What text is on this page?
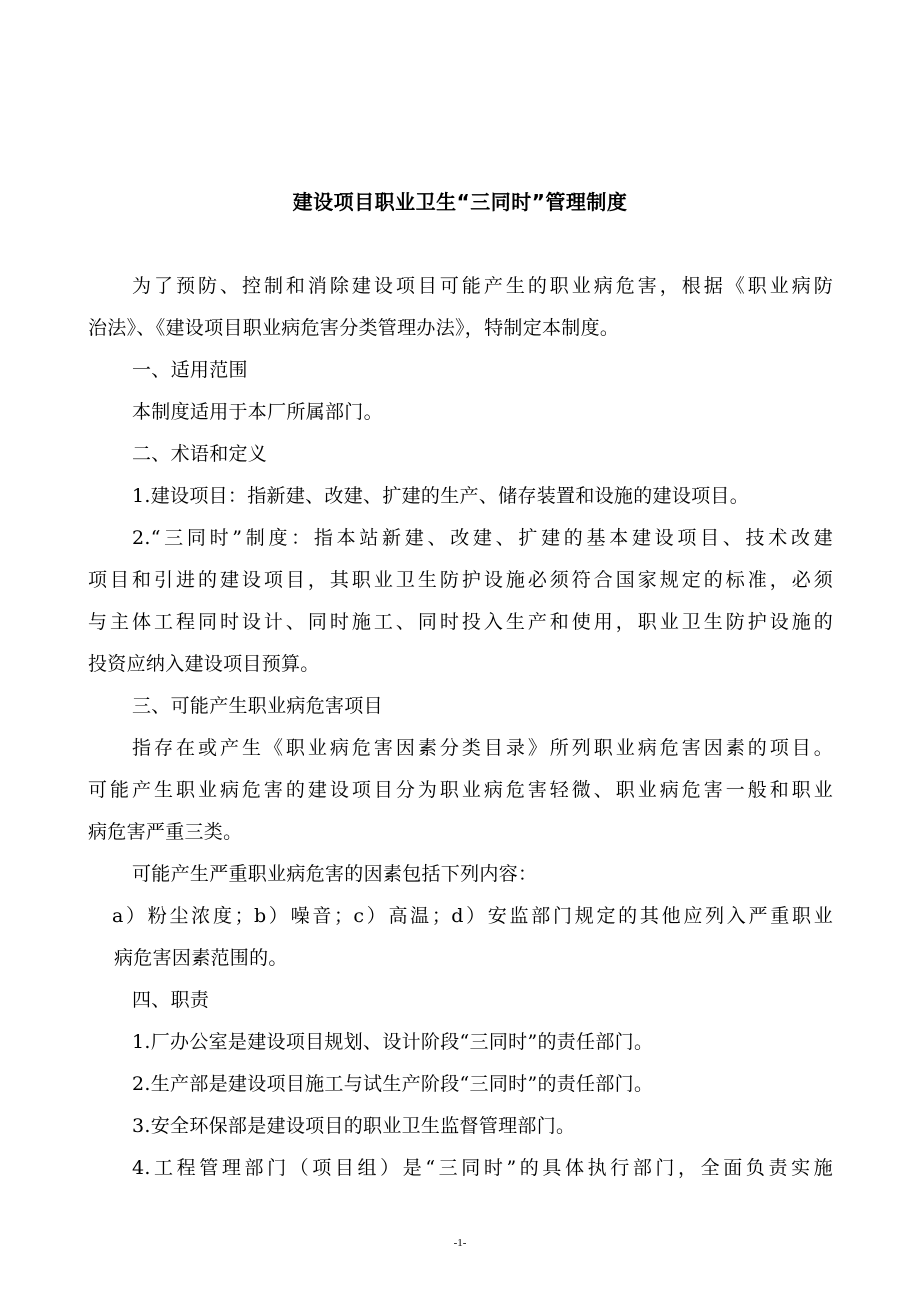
建设项目职业卫生“三同时”管理制度
为了预防、控制和消除建设项目可能产生的职业病危害，根据《职业病防
治法》、《建设项目职业病危害分类管理办法》，特制定本制度。
一、适用范围
本制度适用于本厂所属部门。
二、术语和定义
1.建设项目：指新建、改建、扩建的生产、储存装置和设施的建设项目。
2.“三同时”制度：指本站新建、改建、扩建的基本建设项目、技术改建
项目和引进的建设项目，其职业卫生防护设施必须符合国家规定的标准，必须
与主体工程同时设计、同时施工、同时投入生产和使用，职业卫生防护设施的
投资应纳入建设项目预算。
三、可能产生职业病危害项目
指存在或产生《职业病危害因素分类目录》所列职业病危害因素的项目。
可能产生职业病危害的建设项目分为职业病危害轻微、职业病危害一般和职业
病危害严重三类。
可能产生严重职业病危害的因素包括下列内容：
a）粉尘浓度；b）噪音；c）高温；d）安监部门规定的其他应列入严重职业
病危害因素范围的。
四、职责
1.厂办公室是建设项目规划、设计阶段“三同时”的责任部门。
2.生产部是建设项目施工与试生产阶段“三同时”的责任部门。
3.安全环保部是建设项目的职业卫生监督管理部门。
4.工程管理部门（项目组）是“三同时”的具体执行部门，全面负责实施
-1-
